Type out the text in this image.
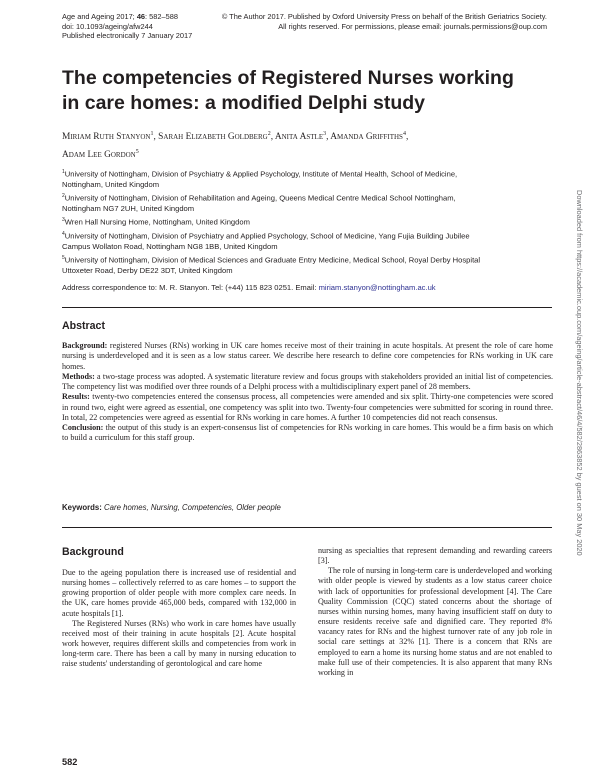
Age and Ageing 2017; 46: 582–588
doi: 10.1093/ageing/afw244
Published electronically 7 January 2017
© The Author 2017. Published by Oxford University Press on behalf of the British Geriatrics Society.
All rights reserved. For permissions, please email: journals.permissions@oup.com
Downloaded from https://academic.oup.com/ageing/article-abstract/46/4/582/2863852 by guest on 30 May 2020
The competencies of Registered Nurses working
in care homes: a modified Delphi study
Miriam Ruth Stanyon$^1$, Sarah Elizabeth Goldberg$^2$, Anita Astle$^3$, Amanda Griffiths$^4$,
Adam Lee Gordon$^5$

$^1$University of Nottingham, Division of Psychiatry & Applied Psychology, Institute of Mental Health, School of Medicine,
Nottingham, United Kingdom

$^2$University of Nottingham, Division of Rehabilitation and Ageing, Queens Medical Centre Medical School Nottingham,
Nottingham NG7 2UH, United Kingdom

$^3$Wren Hall Nursing Home, Nottingham, United Kingdom

$^4$University of Nottingham, Division of Psychiatry and Applied Psychology, School of Medicine, Yang Fujia Building Jubilee
Campus Wollaton Road, Nottingham NG8 1BB, United Kingdom

$^5$University of Nottingham, Division of Medical Sciences and Graduate Entry Medicine, Medical School, Royal Derby Hospital
Uttoxeter Road, Derby DE22 3DT, United Kingdom

Address correspondence to: M. R. Stanyon. Tel: (+44) 115 823 0251. Email: miriam.stanyon@nottingham.ac.uk
Abstract

Background: registered Nurses (RNs) working in UK care homes receive most of their training in acute hospitals. At present the role of care home nursing is underdeveloped and it is seen as a low status career. We describe here research to define core competencies for RNs working in UK care homes.

Methods: a two-stage process was adopted. A systematic literature review and focus groups with stakeholders provided an initial list of competencies. The competency list was modified over three rounds of a Delphi process with a multidisciplinary expert panel of 28 members.

Results: twenty-two competencies entered the consensus process, all competencies were amended and six split. Thirty-one competencies were scored in round two, eight were agreed as essential, one competency was split into two. Twenty-four competencies were submitted for scoring in round three. In total, 22 competencies were agreed as essential for RNs working in care homes. A further 10 competencies did not reach consensus.

Conclusion: the output of this study is an expert-consensus list of competencies for RNs working in care homes. This would be a firm basis on which to build a curriculum for this staff group.

Keywords: Care homes, Nursing, Competencies, Older people
Background

Due to the ageing population there is increased use of residential and nursing homes – collectively referred to as care homes – to support the growing proportion of older people with more complex care needs. In the UK, care homes provide 465,000 beds, compared with 132,000 in acute hospitals [1].

The Registered Nurses (RNs) who work in care homes have usually received most of their training in acute hospitals [2]. Acute hospital work however, requires different skills and competencies from work in long-term care. There has been a call by many in nursing education to raise students' understanding of gerontological and care home

nursing as specialties that represent demanding and rewarding careers [3].

The role of nursing in long-term care is underdeveloped and working with older people is viewed by students as a low status career choice with lack of opportunities for professional development [4]. The Care Quality Commission (CQC) stated concerns about the shortage of nurses within nursing homes, many having insufficient staff on duty to ensure residents receive safe and dignified care. They reported 8% vacancy rates for RNs and the highest turnover rate of any job role in social care settings at 32% [1]. There is a concern that RNs are employed to earn a home its nursing home status and are not enabled to make full use of their competencies. It is also apparent that many RNs working in

582
